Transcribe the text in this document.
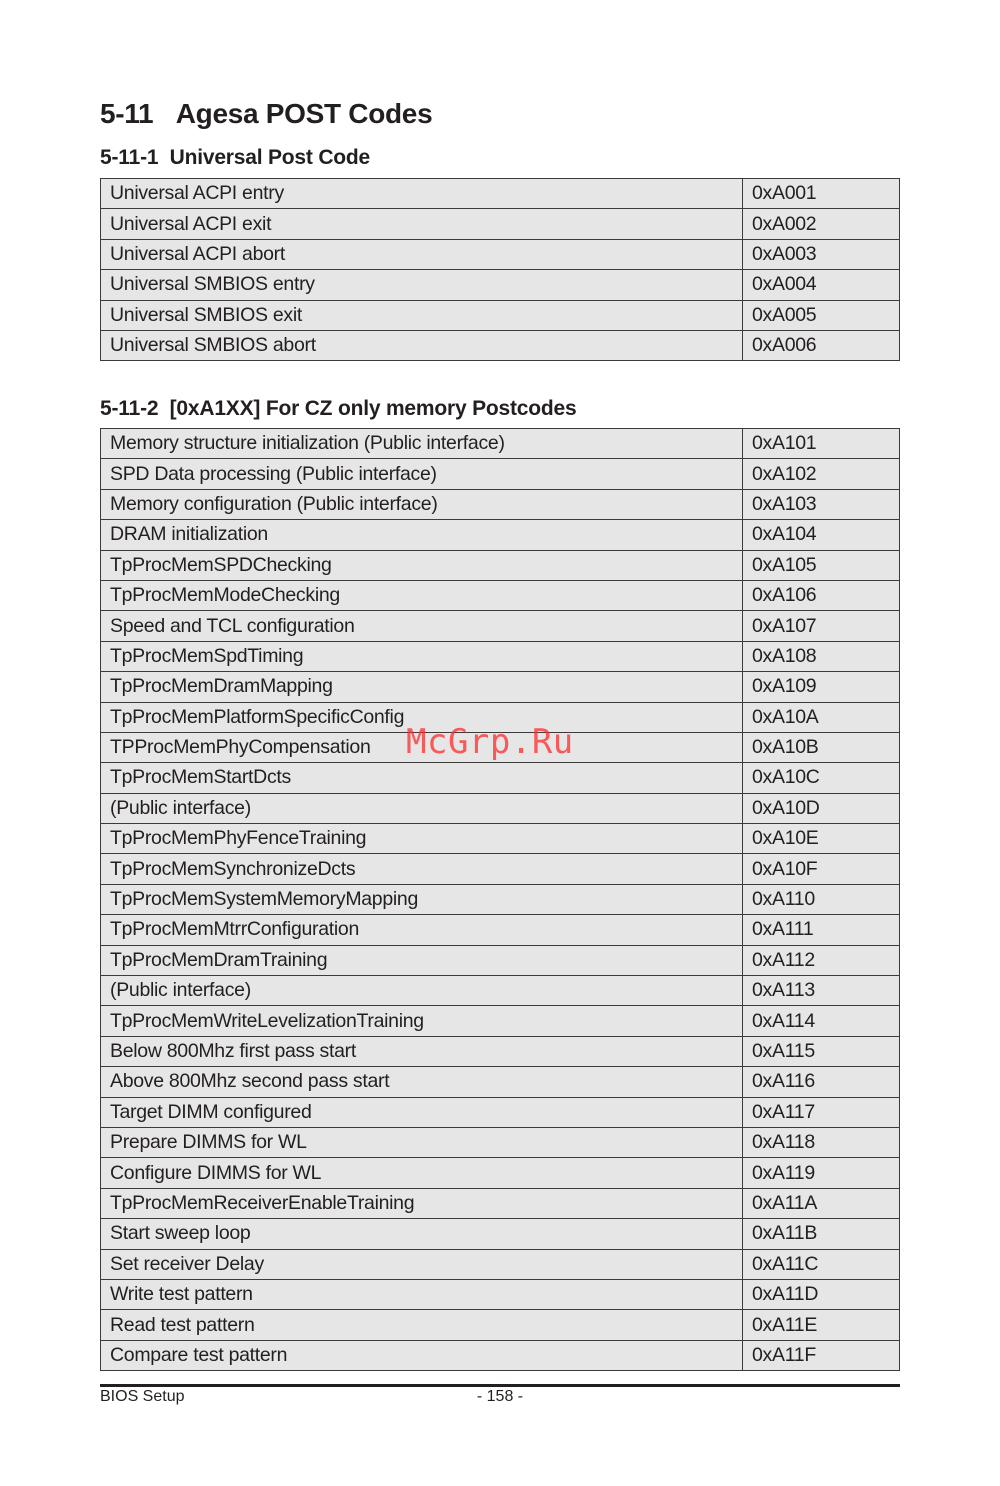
5-11   Agesa POST Codes
5-11-1  Universal Post Code
Universal ACPI entry	0xA001
Universal ACPI exit	0xA002
Universal ACPI abort	0xA003
Universal SMBIOS entry	0xA004
Universal SMBIOS exit	0xA005
Universal SMBIOS abort	0xA006
5-11-2  [0xA1XX] For CZ only memory Postcodes
Memory structure initialization (Public interface)	0xA101
SPD Data processing (Public interface)	0xA102
Memory configuration (Public interface)	0xA103
DRAM initialization	0xA104
TpProcMemSPDChecking	0xA105
TpProcMemModeChecking	0xA106
Speed and TCL configuration	0xA107
TpProcMemSpdTiming	0xA108
TpProcMemDramMapping	0xA109
TpProcMemPlatformSpecificConfig	0xA10A
TPProcMemPhyCompensation	0xA10B
TpProcMemStartDcts	0xA10C
(Public interface)	0xA10D
TpProcMemPhyFenceTraining	0xA10E
TpProcMemSynchronizeDcts	0xA10F
TpProcMemSystemMemoryMapping	0xA110
TpProcMemMtrrConfiguration	0xA111
TpProcMemDramTraining	0xA112
(Public interface)	0xA113
TpProcMemWriteLevelizationTraining	0xA114
Below 800Mhz first pass start	0xA115
Above 800Mhz second pass start	0xA116
Target DIMM configured	0xA117
Prepare DIMMS for WL	0xA118
Configure DIMMS for WL	0xA119
TpProcMemReceiverEnableTraining	0xA11A
Start sweep loop	0xA11B
Set receiver Delay	0xA11C
Write test pattern	0xA11D
Read test pattern	0xA11E
Compare test pattern	0xA11F
McGrp.Ru
BIOS Setup	- 158 -
